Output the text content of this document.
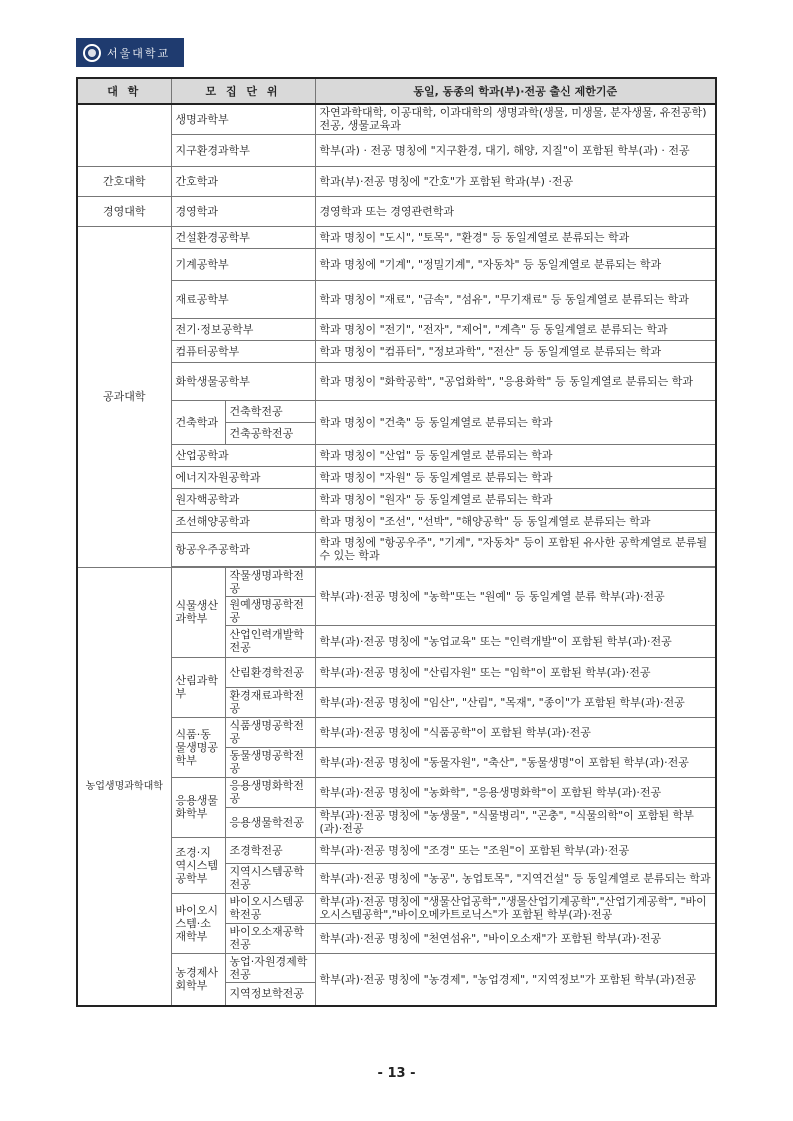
서울대학교
대 학	모 집 단 위		동일, 동종의 학과(부)·전공 출신 제한기준
	생명과학부		자연과학대학, 이공대학, 이과대학의 생명과학(생물, 미생물, 분자생물, 유전공학)전공, 생물교육과
	지구환경과학부		학부(과) · 전공 명칭에 "지구환경, 대기, 해양, 지질"이 포함된 학부(과) · 전공
간호대학	간호학과		학과(부)·전공 명칭에 "간호"가 포함된 학과(부) ·전공
경영대학	경영학과		경영학과 또는 경영관련학과
공과대학	건설환경공학부		학과 명칭이 "도시", "토목", "환경" 등 동일계열로 분류되는 학과
	기계공학부		학과 명칭에 "기계", "정밀기계", "자동차" 등 동일계열로 분류되는 학과
	재료공학부		학과 명칭이 "재료", "금속", "섬유", "무기재료" 등 동일계열로 분류되는 학과
	전기·정보공학부		학과 명칭이 "전기", "전자", "제어", "계측" 등 동일계열로 분류되는 학과
	컴퓨터공학부		학과 명칭이 "컴퓨터", "정보과학", "전산" 등 동일계열로 분류되는 학과
	화학생물공학부		학과 명칭이 "화학공학", "공업화학", "응용화학" 등 동일계열로 분류되는 학과
	건축학과	건축학전공	학과 명칭이 "건축" 등 동일계열로 분류되는 학과
		건축공학전공	
	산업공학과		학과 명칭이 "산업" 등 동일계열로 분류되는 학과
	에너지자원공학과		학과 명칭이 "자원" 등 동일계열로 분류되는 학과
	원자핵공학과		학과 명칭이 "원자" 등 동일계열로 분류되는 학과
	조선해양공학과		학과 명칭이 "조선", "선박", "해양공학" 등 동일계열로 분류되는 학과
	항공우주공학과		학과 명칭에 "항공우주", "기계", "자동차" 등이 포함된 유사한 공학계열로 분류될 수 있는 학과

농업생명과학대학	식물생산과학부	작물생명과학전공	학부(과)·전공 명칭에 "농학"또는 "원예" 등 동일계열 분류 학부(과)·전공
		원예생명공학전공	
		산업인력개발학전공	학부(과)·전공 명칭에 "농업교육" 또는 "인력개발"이 포함된 학부(과)·전공
	산림과학부	산림환경학전공	학부(과)·전공 명칭에 "산림자원" 또는 "임학"이 포함된 학부(과)·전공
		환경재료과학전공	학부(과)·전공 명칭에 "임산", "산림", "목재", "종이"가 포함된 학부(과)·전공
	식품·동물생명공학부	식품생명공학전공	학부(과)·전공 명칭에 "식품공학"이 포함된 학부(과)·전공
		동물생명공학전공	학부(과)·전공 명칭에 "동물자원", "축산", "동물생명"이 포함된 학부(과)·전공
	응용생물화학부	응용생명화학전공	학부(과)·전공 명칭에 "농화학", "응용생명화학"이 포함된 학부(과)·전공
		응용생물학전공	학부(과)·전공 명칭에 "농생물", "식물병리", "곤충", "식물의학"이 포함된 학부(과)·전공
	조경·지역시스템공학부	조경학전공	학부(과)·전공 명칭에 "조경" 또는 "조원"이 포함된 학부(과)·전공
		지역시스템공학전공	학부(과)·전공 명칭에 "농공", 농업토목", "지역건설" 등 동일계열로 분류되는 학과
	바이오시스템·소재학부	바이오시스템공학전공	학부(과)·전공 명칭에 "생물산업공학","생물산업기계공학","산업기계공학", "바이오시스템공학","바이오메카트로닉스"가 포함된 학부(과)·전공
		바이오소재공학전공	학부(과)·전공 명칭에 "천연섬유", "바이오소재"가 포함된 학부(과)·전공
	농경제사회학부	농업·자원경제학전공	학부(과)·전공 명칭에 "농경제", "농업경제", "지역정보"가 포함된 학부(과)전공
		지역정보학전공	
- 13 -
